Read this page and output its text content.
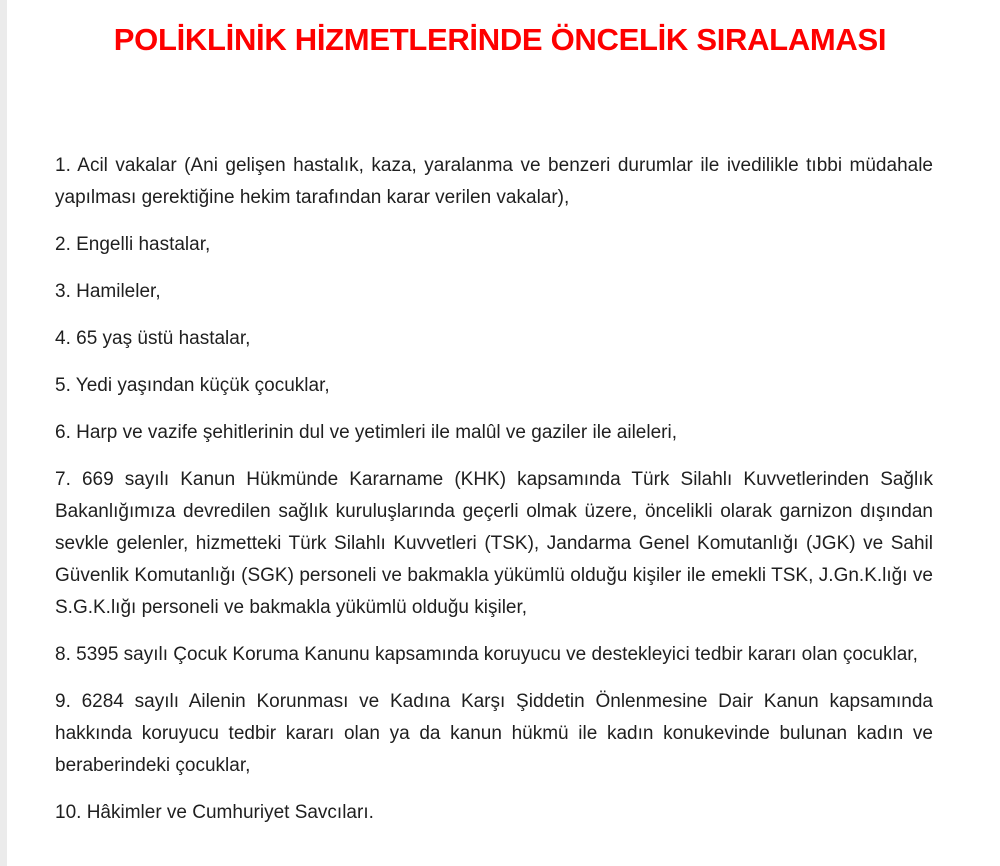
POLİKLİNİK HİZMETLERİNDE ÖNCELİK SIRALAMASI

1. Acil vakalar (Ani gelişen hastalık, kaza, yaralanma ve benzeri durumlar ile ivedilikle tıbbi müdahale yapılması gerektiğine hekim tarafından karar verilen vakalar),

2. Engelli hastalar,

3. Hamileler,

4. 65 yaş üstü hastalar,

5. Yedi yaşından küçük çocuklar,

6. Harp ve vazife şehitlerinin dul ve yetimleri ile malûl ve gaziler ile aileleri,

7. 669 sayılı Kanun Hükmünde Kararname (KHK) kapsamında Türk Silahlı Kuvvetlerinden Sağlık Bakanlığımıza devredilen sağlık kuruluşlarında geçerli olmak üzere, öncelikli olarak garnizon dışından sevkle gelenler, hizmetteki Türk Silahlı Kuvvetleri (TSK), Jandarma Genel Komutanlığı (JGK) ve Sahil Güvenlik Komutanlığı (SGK) personeli ve bakmakla yükümlü olduğu kişiler ile emekli TSK, J.Gn.K.lığı ve S.G.K.lığı personeli ve bakmakla yükümlü olduğu kişiler,

8. 5395 sayılı Çocuk Koruma Kanunu kapsamında koruyucu ve destekleyici tedbir kararı olan çocuklar,

9. 6284 sayılı Ailenin Korunması ve Kadına Karşı Şiddetin Önlenmesine Dair Kanun kapsamında hakkında koruyucu tedbir kararı olan ya da kanun hükmü ile kadın konukevinde bulunan kadın ve beraberindeki çocuklar,

10. Hâkimler ve Cumhuriyet Savcıları.
